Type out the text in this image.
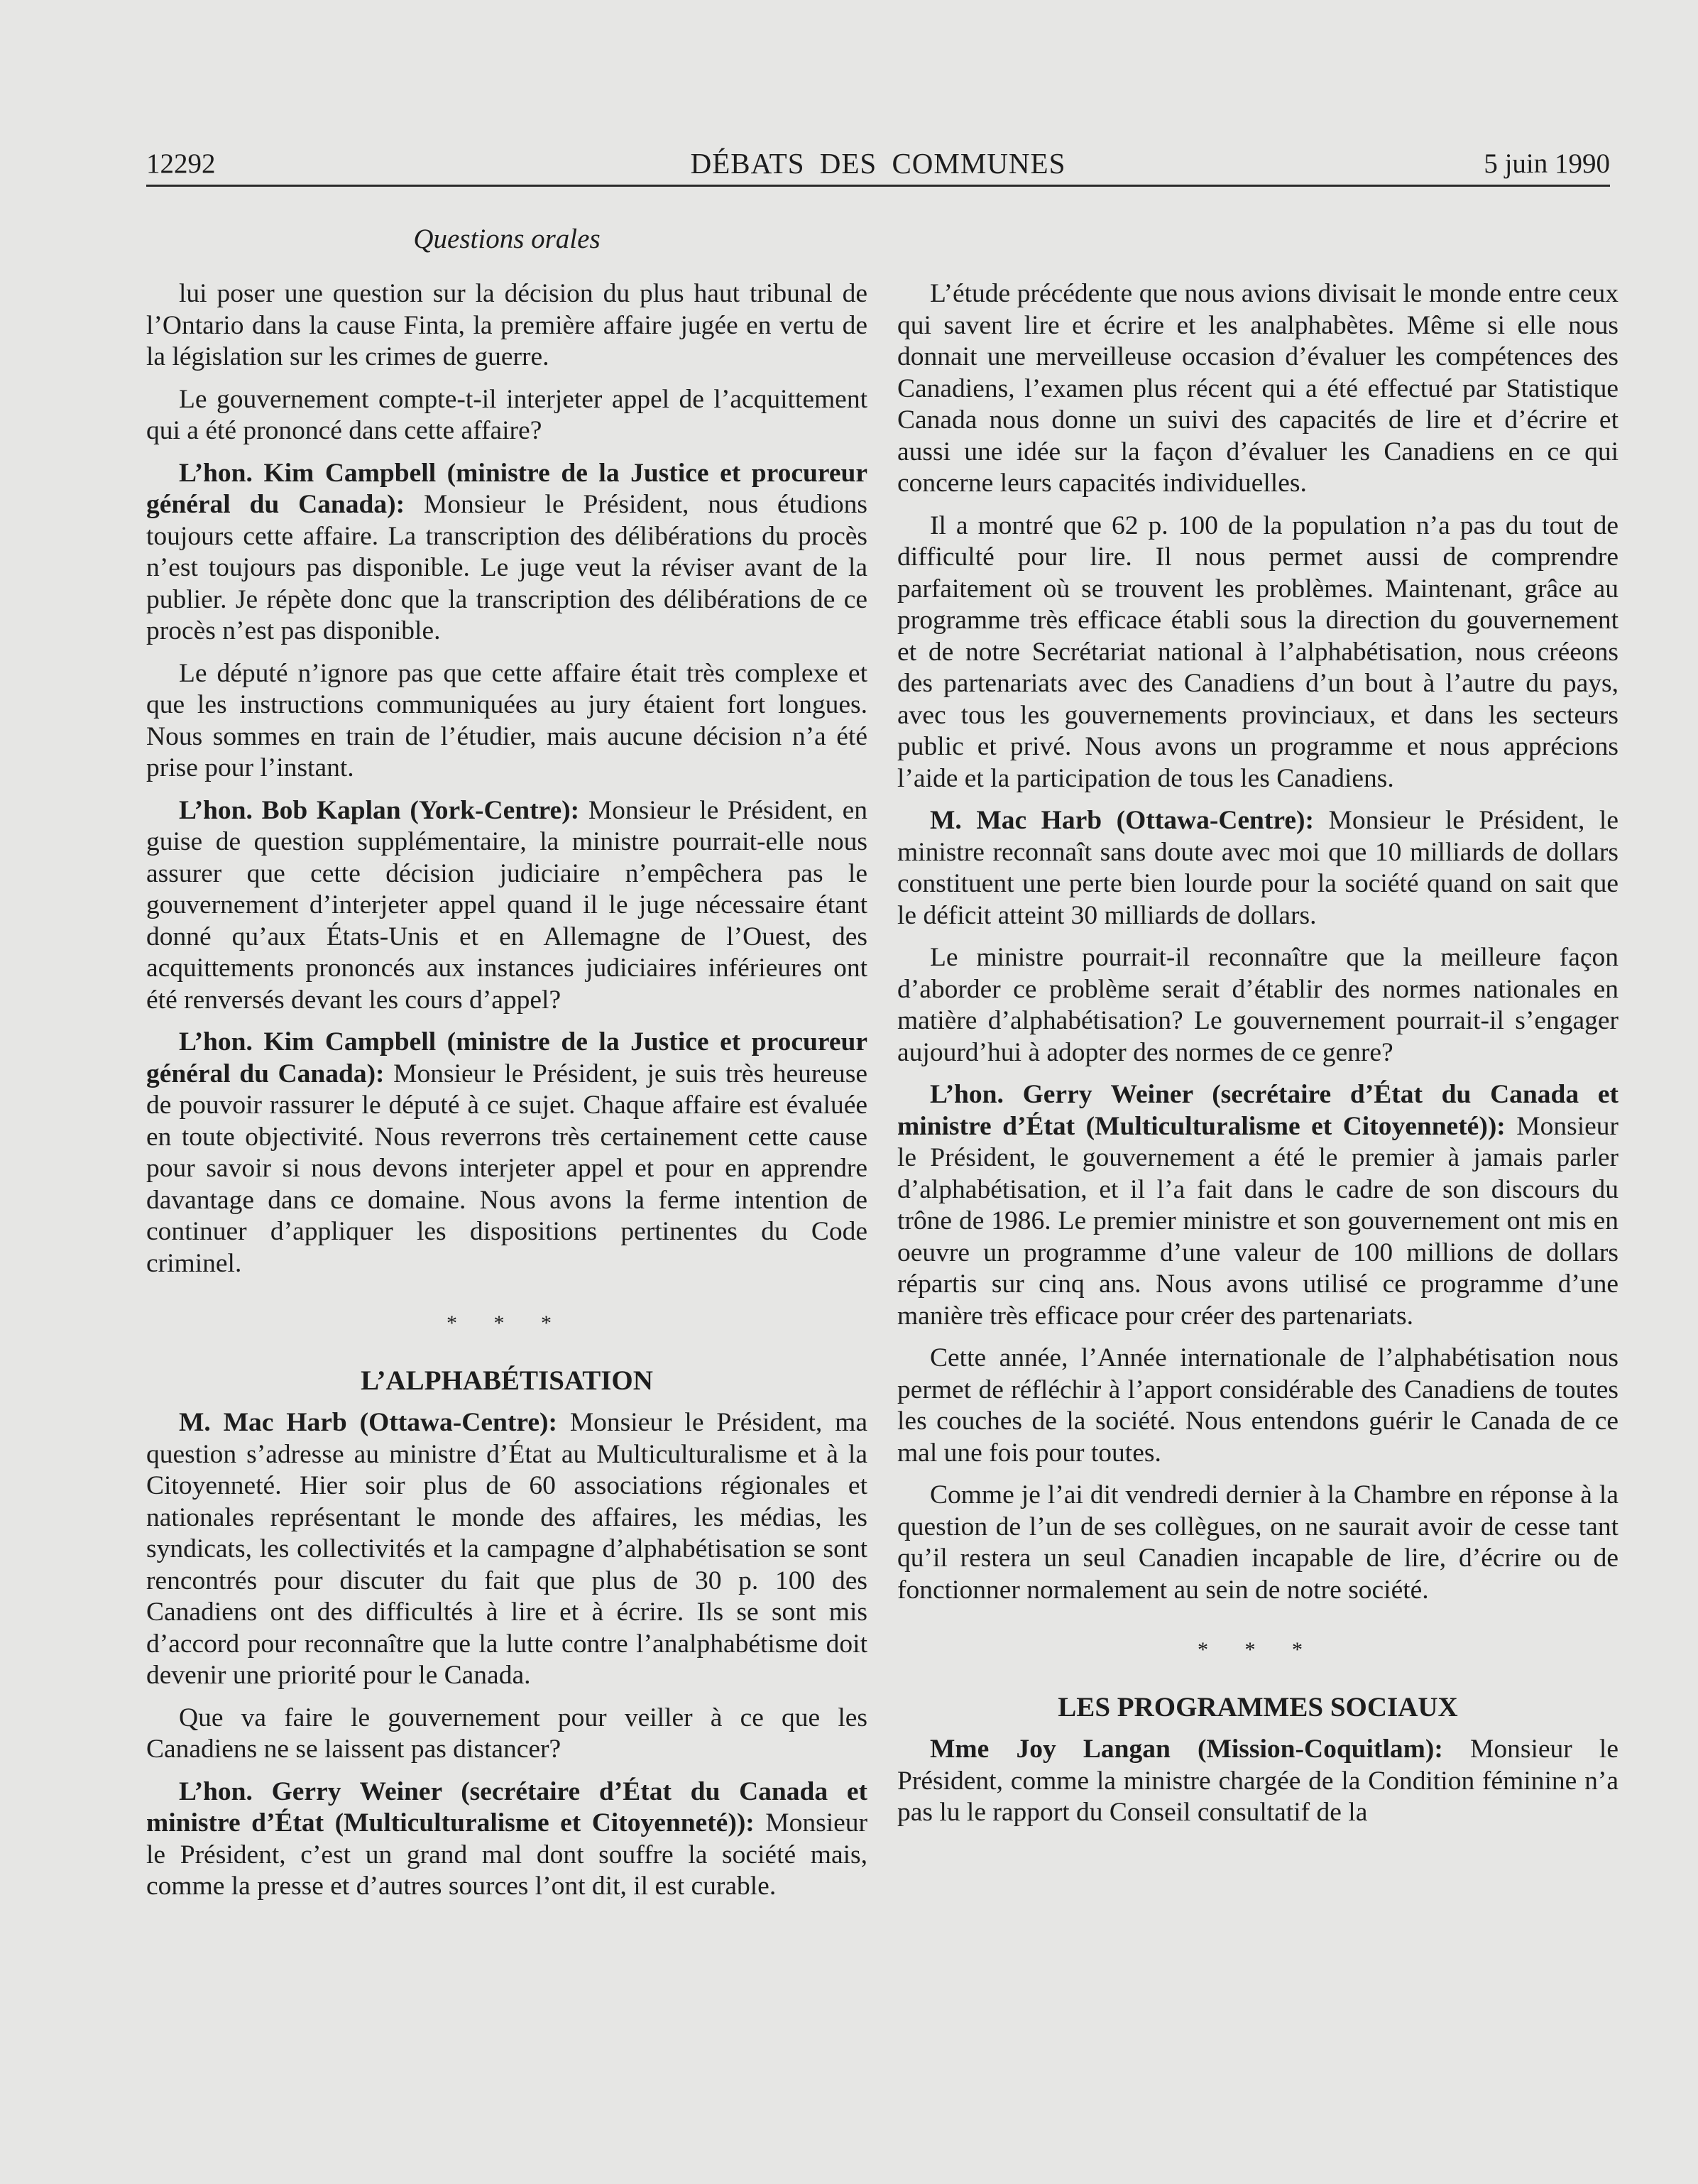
12292	DÉBATS DES COMMUNES	5 juin 1990
Questions orales

lui poser une question sur la décision du plus haut tribunal de l’Ontario dans la cause Finta, la première affaire jugée en vertu de la législation sur les crimes de guerre.

Le gouvernement compte-t-il interjeter appel de l’acquittement qui a été prononcé dans cette affaire?

L’hon. Kim Campbell (ministre de la Justice et procureur général du Canada): Monsieur le Président, nous étudions toujours cette affaire. La transcription des délibérations du procès n’est toujours pas disponible. Le juge veut la réviser avant de la publier. Je répète donc que la transcription des délibérations de ce procès n’est pas disponible.

Le député n’ignore pas que cette affaire était très complexe et que les instructions communiquées au jury étaient fort longues. Nous sommes en train de l’étudier, mais aucune décision n’a été prise pour l’instant.

L’hon. Bob Kaplan (York-Centre): Monsieur le Président, en guise de question supplémentaire, la ministre pourrait-elle nous assurer que cette décision judiciaire n’empêchera pas le gouvernement d’interjeter appel quand il le juge nécessaire étant donné qu’aux États-Unis et en Allemagne de l’Ouest, des acquittements prononcés aux instances judiciaires inférieures ont été renversés devant les cours d’appel?

L’hon. Kim Campbell (ministre de la Justice et procureur général du Canada): Monsieur le Président, je suis très heureuse de pouvoir rassurer le député à ce sujet. Chaque affaire est évaluée en toute objectivité. Nous reverrons très certainement cette cause pour savoir si nous devons interjeter appel et pour en apprendre davantage dans ce domaine. Nous avons la ferme intention de continuer d’appliquer les dispositions pertinentes du Code criminel.

* * *
L’ALPHABÉTISATION

M. Mac Harb (Ottawa-Centre): Monsieur le Président, ma question s’adresse au ministre d’État au Multiculturalisme et à la Citoyenneté. Hier soir plus de 60 associations régionales et nationales représentant le monde des affaires, les médias, les syndicats, les collectivités et la campagne d’alphabétisation se sont rencontrés pour discuter du fait que plus de 30 p. 100 des Canadiens ont des difficultés à lire et à écrire. Ils se sont mis d’accord pour reconnaître que la lutte contre l’analphabétisme doit devenir une priorité pour le Canada.

Que va faire le gouvernement pour veiller à ce que les Canadiens ne se laissent pas distancer?

L’hon. Gerry Weiner (secrétaire d’État du Canada et ministre d’État (Multiculturalisme et Citoyenneté)): Monsieur le Président, c’est un grand mal dont souffre la société mais, comme la presse et d’autres sources l’ont dit, il est curable.

L’étude précédente que nous avions divisait le monde entre ceux qui savent lire et écrire et les analphabètes. Même si elle nous donnait une merveilleuse occasion d’évaluer les compétences des Canadiens, l’examen plus récent qui a été effectué par Statistique Canada nous donne un suivi des capacités de lire et d’écrire et aussi une idée sur la façon d’évaluer les Canadiens en ce qui concerne leurs capacités individuelles.

Il a montré que 62 p. 100 de la population n’a pas du tout de difficulté pour lire. Il nous permet aussi de comprendre parfaitement où se trouvent les problèmes. Maintenant, grâce au programme très efficace établi sous la direction du gouvernement et de notre Secrétariat national à l’alphabétisation, nous créeons des partenariats avec des Canadiens d’un bout à l’autre du pays, avec tous les gouvernements provinciaux, et dans les secteurs public et privé. Nous avons un programme et nous apprécions l’aide et la participation de tous les Canadiens.

M. Mac Harb (Ottawa-Centre): Monsieur le Président, le ministre reconnaît sans doute avec moi que 10 milliards de dollars constituent une perte bien lourde pour la société quand on sait que le déficit atteint 30 milliards de dollars.

Le ministre pourrait-il reconnaître que la meilleure façon d’aborder ce problème serait d’établir des normes nationales en matière d’alphabétisation? Le gouvernement pourrait-il s’engager aujourd’hui à adopter des normes de ce genre?

L’hon. Gerry Weiner (secrétaire d’État du Canada et ministre d’État (Multiculturalisme et Citoyenneté)): Monsieur le Président, le gouvernement a été le premier à jamais parler d’alphabétisation, et il l’a fait dans le cadre de son discours du trône de 1986. Le premier ministre et son gouvernement ont mis en oeuvre un programme d’une valeur de 100 millions de dollars répartis sur cinq ans. Nous avons utilisé ce programme d’une manière très efficace pour créer des partenariats.

Cette année, l’Année internationale de l’alphabétisation nous permet de réfléchir à l’apport considérable des Canadiens de toutes les couches de la société. Nous entendons guérir le Canada de ce mal une fois pour toutes.

Comme je l’ai dit vendredi dernier à la Chambre en réponse à la question de l’un de ses collègues, on ne saurait avoir de cesse tant qu’il restera un seul Canadien incapable de lire, d’écrire ou de fonctionner normalement au sein de notre société.

* * *
LES PROGRAMMES SOCIAUX

Mme Joy Langan (Mission-Coquitlam): Monsieur le Président, comme la ministre chargée de la Condition féminine n’a pas lu le rapport du Conseil consultatif de la
